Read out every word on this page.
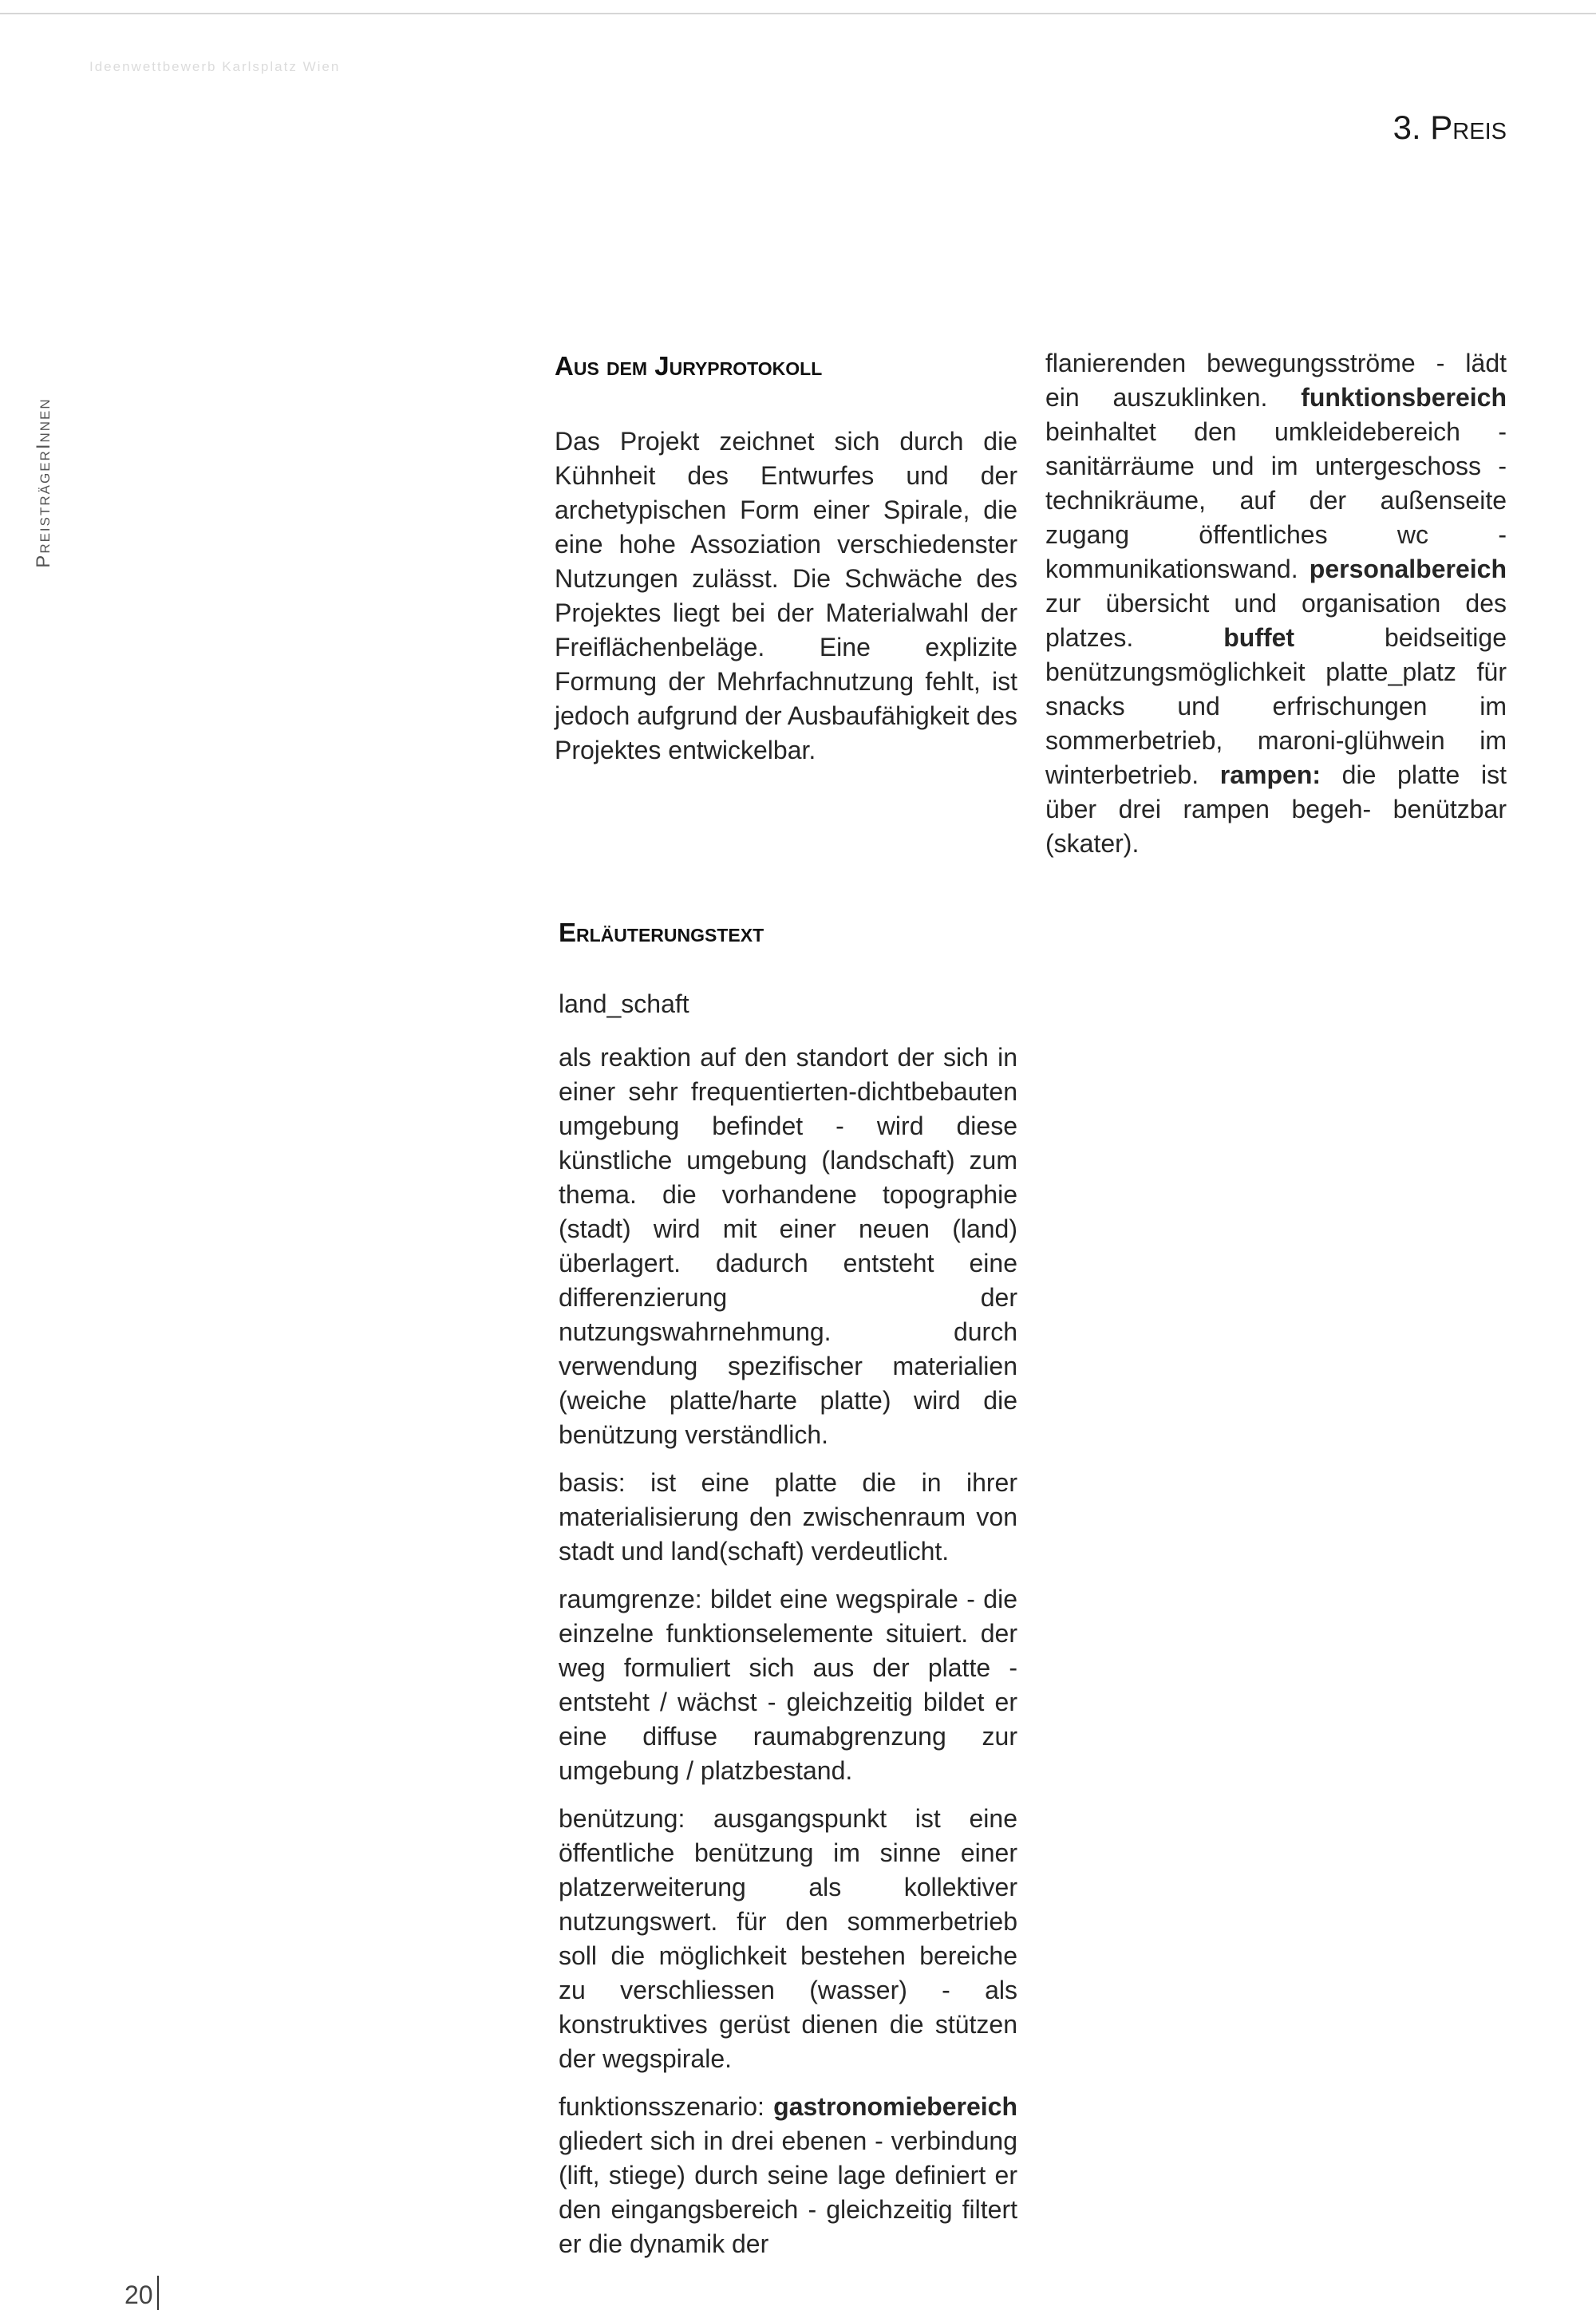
Ideenwettbewerb Karlsplatz Wien
3. Preis
PreisträgerInnen
Aus dem Juryprotokoll

Das Projekt zeichnet sich durch die Kühnheit des Entwurfes und der archetypischen Form einer Spirale, die eine hohe Assoziation verschiedenster Nutzungen zulässt. Die Schwäche des Projektes liegt bei der Materialwahl der Freiflächenbeläge. Eine explizite Formung der Mehrfachnutzung fehlt, ist jedoch aufgrund der Ausbaufähigkeit des Projektes entwickelbar.

flanierenden bewegungsströme - lädt ein auszuklinken. funktionsbereich beinhaltet den umkleidebereich - sanitärräume und im untergeschoss - technikräume, auf der außenseite zugang öffentliches wc - kommunikationswand. personalbereich zur übersicht und organisation des platzes. buffet beidseitige benützungsmöglichkeit platte_platz für snacks und erfrischungen im sommerbetrieb, maroni-glühwein im winterbetrieb. rampen: die platte ist über drei rampen begeh- benützbar (skater).

Erläuterungstext

land_schaft

als reaktion auf den standort der sich in einer sehr frequentierten-dichtbebauten umgebung befindet - wird diese künstliche umgebung (landschaft) zum thema. die vorhandene topographie (stadt) wird mit einer neuen (land) überlagert. dadurch entsteht eine differenzierung der nutzungswahrnehmung. durch verwendung spezifischer materialien (weiche platte/harte platte) wird die benützung verständlich.

basis: ist eine platte die in ihrer materialisierung den zwischenraum von stadt und land(schaft) verdeutlicht.

raumgrenze: bildet eine wegspirale - die einzelne funktionselemente situiert. der weg formuliert sich aus der platte - entsteht / wächst - gleichzeitig bildet er eine diffuse raumabgrenzung zur umgebung / platzbestand.

benützung: ausgangspunkt ist eine öffentliche benützung im sinne einer platzerweiterung als kollektiver nutzungswert. für den sommerbetrieb soll die möglichkeit bestehen bereiche zu verschliessen (wasser) - als konstruktives gerüst dienen die stützen der wegspirale.

funktionsszenario: gastronomiebereich gliedert sich in drei ebenen - verbindung (lift, stiege) durch seine lage definiert er den eingangsbereich - gleichzeitig filtert er die dynamik der

20
